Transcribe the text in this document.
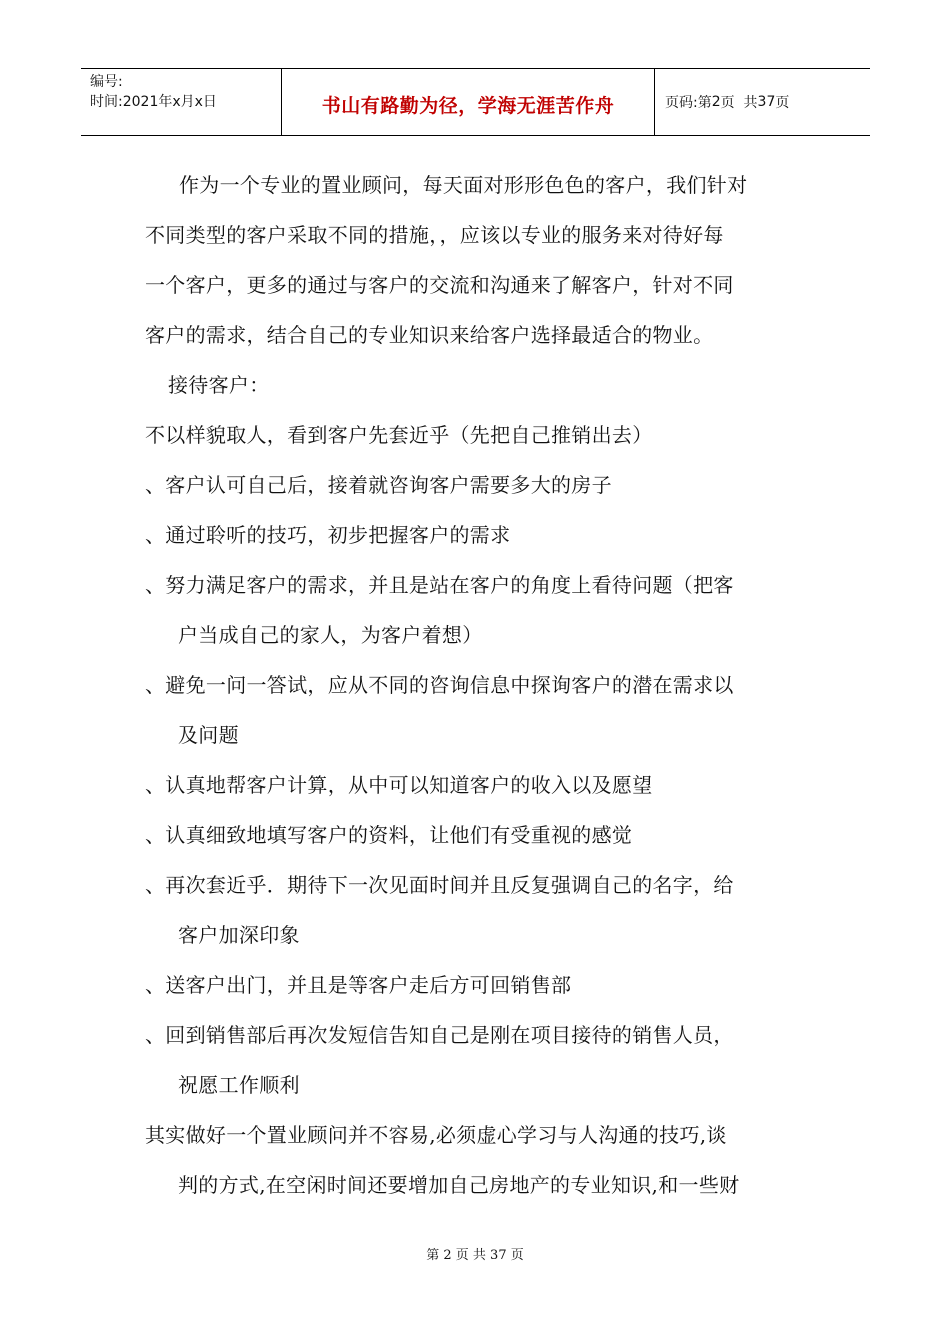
编号:
时间:2021年x月x日	书山有路勤为径，学海无涯苦作舟	页码:第 2 页  共 37 页
作为一个专业的置业顾问，每天面对形形色色的客户，我们针对
不同类型的客户采取不同的措施，，应该以专业的服务来对待好每
一个客户，更多的通过与客户的交流和沟通来了解客户，针对不同
客户的需求，结合自己的专业知识来给客户选择最适合的物业。
接待客户：
不以样貌取人，看到客户先套近乎（先把自己推销出去）
、客户认可自己后，接着就咨询客户需要多大的房子
、通过聆听的技巧，初步把握客户的需求
、努力满足客户的需求，并且是站在客户的角度上看待问题（把客
户当成自己的家人，为客户着想）
、避免一问一答试，应从不同的咨询信息中探询客户的潜在需求以
及问题
、认真地帮客户计算，从中可以知道客户的收入以及愿望
、认真细致地填写客户的资料，让他们有受重视的感觉
、再次套近乎．期待下一次见面时间并且反复强调自己的名字，给
客户加深印象
、送客户出门，并且是等客户走后方可回销售部
、回到销售部后再次发短信告知自己是刚在项目接待的销售人员，
祝愿工作顺利
其实做好一个置业顾问并不容易,必须虚心学习与人沟通的技巧,谈
判的方式,在空闲时间还要增加自己房地产的专业知识,和一些财
第 2 页 共 37 页
